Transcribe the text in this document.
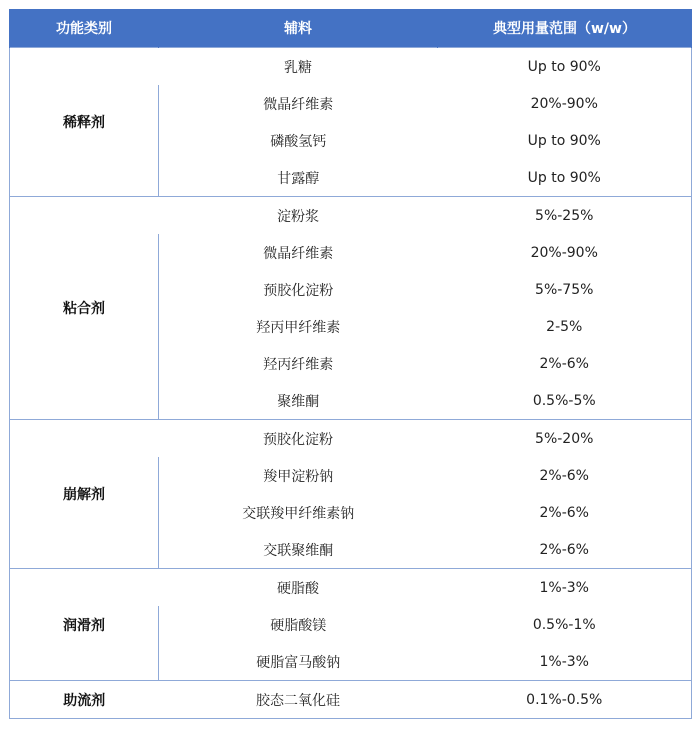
功能类别	辅料	典型用量范围（w/w）
稀释剂	乳糖	Up to 90%
	微晶纤维素	20%-90%
	磷酸氢钙	Up to 90%
	甘露醇	Up to 90%
粘合剂	淀粉浆	5%-25%
	微晶纤维素	20%-90%
	预胶化淀粉	5%-75%
	羟丙甲纤维素	2-5%
	羟丙纤维素	2%-6%
	聚维酮	0.5%-5%
崩解剂	预胶化淀粉	5%-20%
	羧甲淀粉钠	2%-6%
	交联羧甲纤维素钠	2%-6%
	交联聚维酮	2%-6%
润滑剂	硬脂酸	1%-3%
	硬脂酸镁	0.5%-1%
	硬脂富马酸钠	1%-3%
助流剂	胶态二氧化硅	0.1%-0.5%
